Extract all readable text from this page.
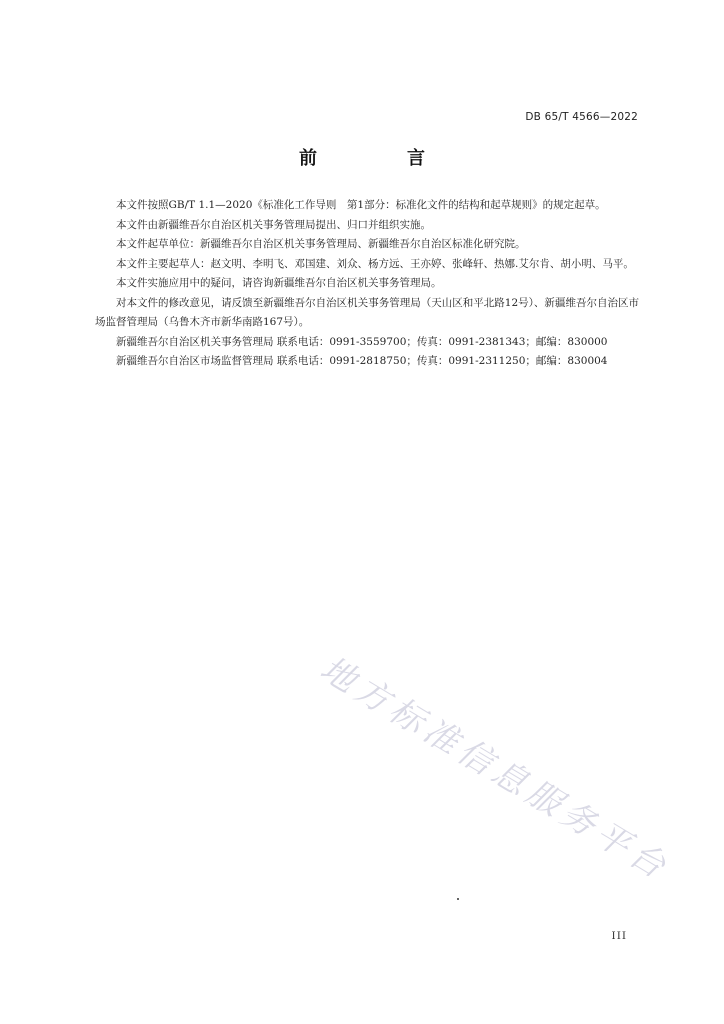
DB 65/T 4566—2022
前　言

本文件按照GB/T 1.1—2020《标准化工作导则　第1部分：标准化文件的结构和起草规则》的规定起草。

本文件由新疆维吾尔自治区机关事务管理局提出、归口并组织实施。

本文件起草单位：新疆维吾尔自治区机关事务管理局、新疆维吾尔自治区标准化研究院。

本文件主要起草人：赵文明、李明飞、邓国建、刘众、杨方远、王亦婷、张峰轩、热娜.艾尔肯、胡小明、马平。

本文件实施应用中的疑问，请咨询新疆维吾尔自治区机关事务管理局。

对本文件的修改意见，请反馈至新疆维吾尔自治区机关事务管理局（天山区和平北路12号）、新疆维吾尔自治区市场监督管理局（乌鲁木齐市新华南路167号）。

新疆维吾尔自治区机关事务管理局 联系电话：0991-3559700；传真：0991-2381343；邮编：830000

新疆维吾尔自治区市场监督管理局 联系电话：0991-2818750；传真：0991-2311250；邮编：830004

III
地方标准信息服务平台
